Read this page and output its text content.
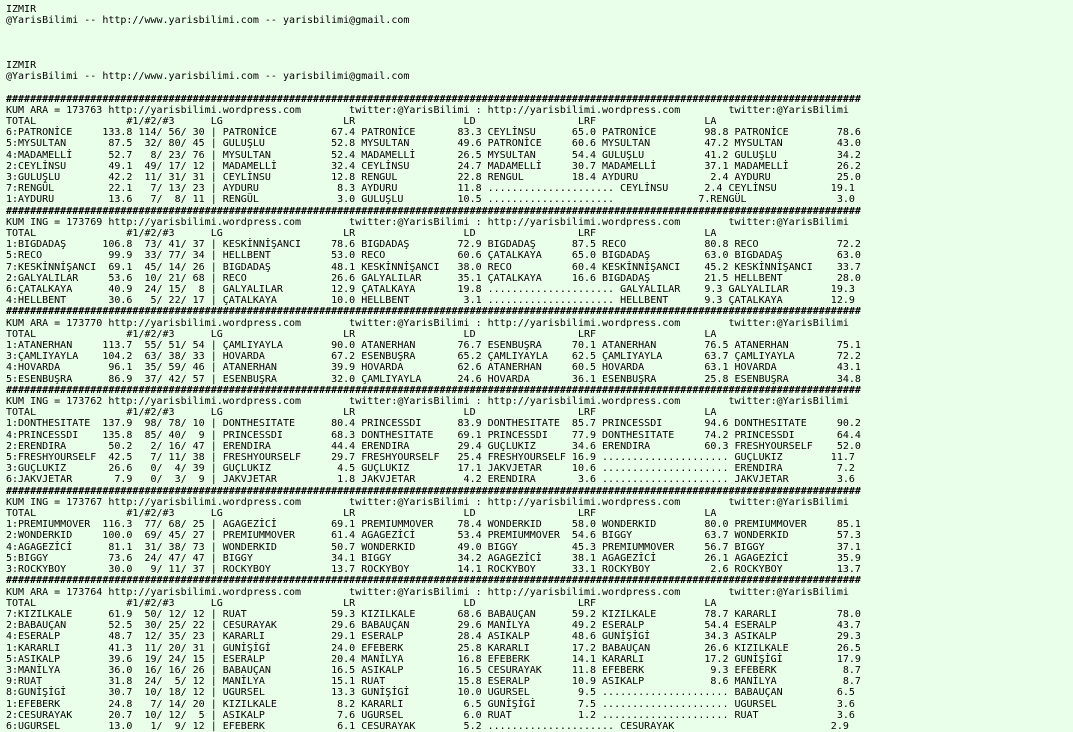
IZMIR
@YarisBilimi -- http://www.yarisbilimi.com -- yarisbilimi@gmail.com
IZMIR
@YarisBilimi -- http://www.yarisbilimi.com -- yarisbilimi@gmail.com
##############################################################################################################################################
KUM ARA = 173763 http://yarisbilimi.wordpress.com        twitter:@YarisBilimi : http://yarisbilimi.wordpress.com        twitter:@YarisBilimi
TOTAL               #1/#2/#3      LG                    LR                  LD                 LRF                  LA
6:PATRONİCE     133.8 114/ 56/ 30 | PATRONİCE         67.4 PATRONİCE       83.3 CEYLİNSU      65.0 PATRONİCE        98.8 PATRONİCE        78.6
5:MYSULTAN       87.5  32/ 80/ 45 | GULUŞLU           52.8 MYSULTAN        49.6 PATRONİCE     60.6 MYSULTAN         47.2 MYSULTAN         43.0
4:MADAMELLİ      52.7   8/ 23/ 76 | MYSULTAN          52.4 MADAMELLİ       26.5 MYSULTAN      54.4 GULUŞLU          41.2 GULUŞLU          34.2
2:CEYLİNSU       49.1  49/ 17/ 12 | MADAMELLİ         32.4 CEYLİNSU        24.7 MADAMELLİ     30.7 MADAMELLİ        37.1 MADAMELLİ        26.2
3:GULUŞLU        42.2  11/ 31/ 31 | CEYLİNSU          12.8 RENGUL          22.8 RENGUL        18.4 AYDURU            2.4 AYDURU           25.0
7:RENGÜL         22.1   7/ 13/ 23 | AYDURU             8.3 AYDURU          11.8 ..................... CEYLİNSU      2.4 CEYLİNSU         19.1
1:AYDURU         13.6   7/  8/ 11 | RENGÜL             3.0 GULUŞLU         10.5 .....................              7.RENGÜL               3.0
##############################################################################################################################################
KUM ING = 173769 http://yarisbilimi.wordpress.com        twitter:@YarisBilimi : http://yarisbilimi.wordpress.com        twitter:@YarisBilimi
TOTAL               #1/#2/#3      LG                    LR                  LD                 LRF                  LA
1:BIGDADAŞ      106.8  73/ 41/ 37 | KESKİNNİŞANCI     78.6 BIGDADAŞ        72.9 BIGDADAŞ      87.5 RECO             80.8 RECO             72.2
5:RECO           99.9  33/ 77/ 34 | HELLBENT          53.0 RECO            60.6 ÇATALKAYA     65.0 BIGDADAŞ         63.0 BIGDADAŞ         63.0
7:KESKİNNİŞANCI  69.1  45/ 14/ 26 | BIGDADAŞ          48.1 KESKİNNİŞANCI   38.0 RECO          60.4 KESKİNNİŞANCI    45.2 KESKİNNİŞANCI    33.7
2:GALYALILAR     53.6  10/ 21/ 68 | RECO              26.6 GALYALILAR      35.1 ÇATALKAYA     16.6 BIGDADAŞ         21.5 HELLBENT         28.0
6:ÇATALKAYA      40.9  24/ 15/  8 | GALYALILAR        12.9 ÇATALKAYA       19.8 ..................... GALYALILAR    9.3 GALYALILAR       19.3
4:HELLBENT       30.6   5/ 22/ 17 | ÇATALKAYA         10.0 HELLBENT         3.1 ..................... HELLBENT      9.3 ÇATALKAYA        12.9
##############################################################################################################################################
KUM ARA = 173770 http://yarisbilimi.wordpress.com        twitter:@YarisBilimi : http://yarisbilimi.wordpress.com        twitter:@YarisBilimi
TOTAL               #1/#2/#3      LG                    LR                  LD                 LRF                  LA
1:ATANERHAN     113.7  55/ 51/ 54 | ÇAMLIYAYLA        90.0 ATANERHAN       76.7 ESENBUŞRA     70.1 ATANERHAN        76.5 ATANERHAN        75.1
3:ÇAMLIYAYLA    104.2  63/ 38/ 33 | HOVARDA           67.2 ESENBUŞRA       65.2 ÇAMLIYAYLA    62.5 ÇAMLIYAYLA       63.7 ÇAMLIYAYLA       72.2
4:HOVARDA        96.1  35/ 59/ 46 | ATANERHAN         39.9 HOVARDA         62.6 ATANERHAN     60.5 HOVARDA          63.1 HOVARDA          43.1
5:ESENBUŞRA      86.9  37/ 42/ 57 | ESENBUŞRA         32.0 ÇAMLIYAYLA      24.6 HOVARDA       36.1 ESENBUŞRA        25.8 ESENBUŞRA        34.8
##############################################################################################################################################
KUM ING = 173762 http://yarisbilimi.wordpress.com        twitter:@YarisBilimi : http://yarisbilimi.wordpress.com        twitter:@YarisBilimi
TOTAL               #1/#2/#3      LG                    LR                  LD                 LRF                  LA
1:DONTHESITATE  137.9  98/ 78/ 10 | DONTHESITATE      80.4 PRINCESSDI      83.9 DONTHESITATE  85.7 PRINCESSDI       94.6 DONTHESITATE     90.2
4:PRINCESSDI    135.8  85/ 40/  9 | PRINCESSDI        68.3 DONTHESITATE    69.1 PRINCESSDI    77.9 DONTHESITATE     74.2 PRINCESSDI       64.4
2:ERENDIRA       50.2   2/ 16/ 47 | ERENDIRA          44.4 ERENDIRA        29.4 GUÇLUKIZ      34.6 ERENDIRA         60.3 FRESHYOURSELF    52.0
5:FRESHYOURSELF  42.5   7/ 11/ 38 | FRESHYOURSELF     29.7 FRESHYOURSELF   25.4 FRESHYOURSELF 16.9 ..................... GUÇLUKIZ        11.7
3:GUÇLUKIZ       26.6   0/  4/ 39 | GUÇLUKIZ           4.5 GUÇLUKIZ        17.1 JAKVJETAR     10.6 ..................... ERENDIRA         7.2
6:JAKVJETAR       7.9   0/  3/  9 | JAKVJETAR          1.8 JAKVJETAR        4.2 ERENDIRA       3.6 ..................... JAKVJETAR        3.6
##############################################################################################################################################
KUM ING = 173767 http://yarisbilimi.wordpress.com        twitter:@YarisBilimi : http://yarisbilimi.wordpress.com        twitter:@YarisBilimi
TOTAL               #1/#2/#3      LG                    LR                  LD                 LRF                  LA
1:PREMIUMMOVER  116.3  77/ 68/ 25 | AGAGEZİCİ         69.1 PREMIUMMOVER    78.4 WONDERKID     58.0 WONDERKID        80.0 PREMIUMMOVER     85.1
2:WONDERKID     100.0  69/ 45/ 27 | PREMIUMMOVER      61.4 AGAGEZİCİ       53.4 PREMIUMMOVER  54.6 BIGGY            63.7 WONDERKID        57.3
4:AGAGEZİCİ      81.1  31/ 38/ 73 | WONDERKID         50.7 WONDERKID       49.0 BIGGY         45.3 PREMIUMMOVER     56.7 BIGGY            37.1
5:BIGGY          73.6  24/ 47/ 47 | BIGGY             34.1 BIGGY           34.2 AGAGEZİCİ     38.1 AGAGEZİCİ        26.1 AGAGEZİCİ        35.9
3:ROCKYBOY       30.0   9/ 11/ 37 | ROCKYBOY          13.7 ROCKYBOY        14.1 ROCKYBOY      33.1 ROCKYBOY          2.6 ROCKYBOY         13.7
##############################################################################################################################################
KUM ARA = 173764 http://yarisbilimi.wordpress.com        twitter:@YarisBilimi : http://yarisbilimi.wordpress.com        twitter:@YarisBilimi
TOTAL               #1/#2/#3      LG                    LR                  LD                 LRF                  LA
7:KIZILKALE      61.9  50/ 12/ 12 | RUAT              59.3 KIZILKALE       68.6 BABAUÇAN      59.2 KIZILKALE        78.7 KARARLI          78.0
2:BABAUÇAN       52.5  30/ 25/ 22 | CESURAYAK         29.6 BABAUÇAN        29.6 MANİLYA       49.2 ESERALP          54.4 ESERALP          43.7
4:ESERALP        48.7  12/ 35/ 23 | KARARLI           29.1 ESERALP         28.4 ASIKALP       48.6 GUNİŞİGİ         34.3 ASIKALP          29.3
1:KARARLI        41.3  11/ 20/ 31 | GUNİŞİGİ          24.0 EFEBERK         25.8 KARARLI       17.2 BABAUÇAN         26.6 KIZILKALE        26.5
5:ASIKALP        39.6  19/ 24/ 15 | ESERALP           20.4 MANİLYA         16.8 EFEBERK       14.1 KARARLI          17.2 GUNİŞİGİ         17.9
3:MANİLYA        36.0  16/ 16/ 26 | BABAUÇAN          16.5 ASIKALP         16.5 CESURAYAK     11.8 EFEBERK           9.3 EFEBERK           8.7
9:RUAT           31.8  24/  5/ 12 | MANİLYA           15.1 RUAT            15.8 ESERALP       10.9 ASIKALP           8.6 MANİLYA           8.7
8:GUNİŞİGİ       30.7  10/ 18/ 12 | UGURSEL           13.3 GUNİŞİGİ        10.0 UGURSEL        9.5 ..................... BABAUÇAN         6.5
1:EFEBERK        24.8   7/ 14/ 20 | KIZILKALE          8.2 KARARLI          6.5 GUNİŞİGİ       7.5 ..................... UGURSEL          3.6
2:CESURAYAK      20.7  10/ 12/  5 | ASIKALP            7.6 UGURSEL          6.0 RUAT           1.2 ..................... RUAT             3.6
6:UGURSEL        13.0   1/  9/ 12 | EFEBERK            6.1 CESURAYAK        5.2 ..................... CESURAYAK                          2.9
